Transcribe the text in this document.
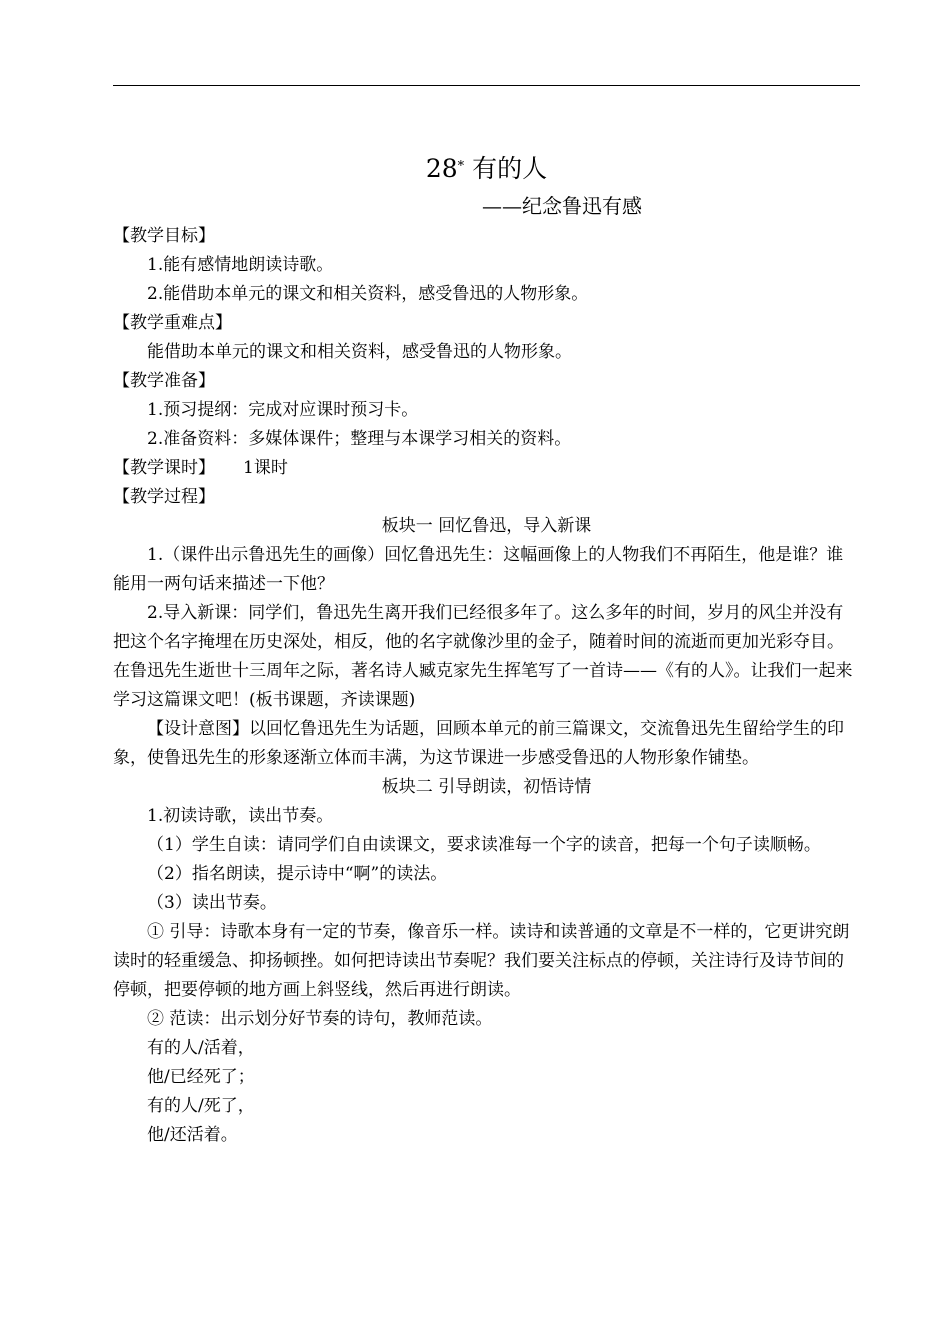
28* 有的人
——纪念鲁迅有感

【教学目标】

1.能有感情地朗读诗歌。

2.能借助本单元的课文和相关资料，感受鲁迅的人物形象。

【教学重难点】

能借助本单元的课文和相关资料，感受鲁迅的人物形象。

【教学准备】

1.预习提纲：完成对应课时预习卡。

2.准备资料：多媒体课件；整理与本课学习相关的资料。

【教学课时】 1课时

【教学过程】

板块一 回忆鲁迅，导入新课

1.（课件出示鲁迅先生的画像）回忆鲁迅先生：这幅画像上的人物我们不再陌生，他是谁？谁能用一两句话来描述一下他？

2.导入新课：同学们，鲁迅先生离开我们已经很多年了。这么多年的时间，岁月的风尘并没有把这个名字掩埋在历史深处，相反，他的名字就像沙里的金子，随着时间的流逝而更加光彩夺目。在鲁迅先生逝世十三周年之际，著名诗人臧克家先生挥笔写了一首诗——《有的人》。让我们一起来学习这篇课文吧！(板书课题，齐读课题)

【设计意图】以回忆鲁迅先生为话题，回顾本单元的前三篇课文，交流鲁迅先生留给学生的印象，使鲁迅先生的形象逐渐立体而丰满，为这节课进一步感受鲁迅的人物形象作铺垫。

板块二 引导朗读，初悟诗情

1.初读诗歌，读出节奏。

（1）学生自读：请同学们自由读课文，要求读准每一个字的读音，把每一个句子读顺畅。

（2）指名朗读，提示诗中“啊”的读法。

（3）读出节奏。

① 引导：诗歌本身有一定的节奏，像音乐一样。读诗和读普通的文章是不一样的，它更讲究朗读时的轻重缓急、抑扬顿挫。如何把诗读出节奏呢？我们要关注标点的停顿，关注诗行及诗节间的停顿，把要停顿的地方画上斜竖线，然后再进行朗读。

② 范读：出示划分好节奏的诗句，教师范读。

有的人/活着，

他/已经死了；

有的人/死了，

他/还活着。
